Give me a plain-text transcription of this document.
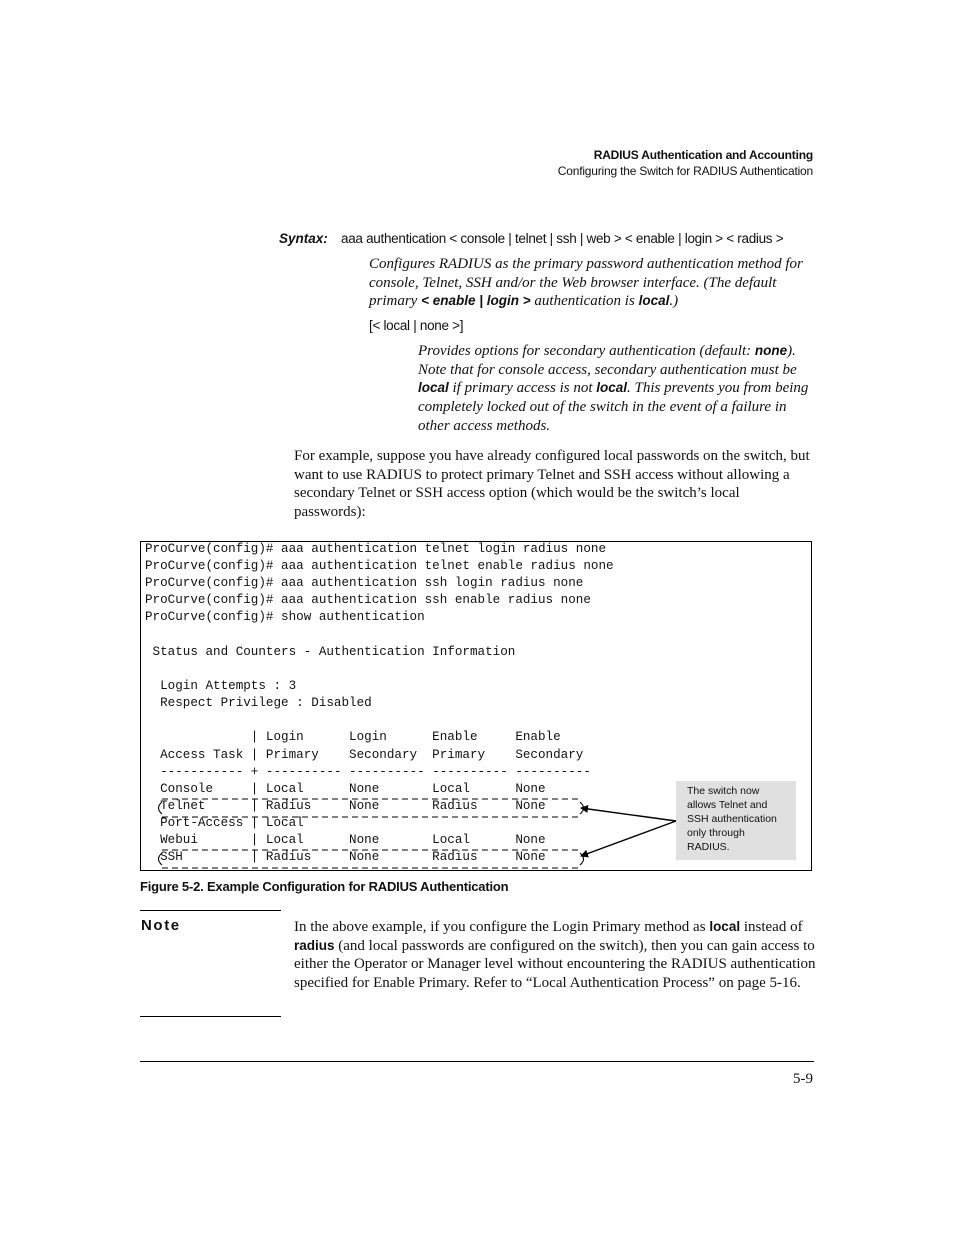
RADIUS Authentication and Accounting
Configuring the Switch for RADIUS Authentication
Syntax: aaa authentication < console | telnet | ssh | web > < enable | login > < radius >
Configures RADIUS as the primary password authentication method for console, Telnet, SSH and/or the Web browser interface. (The default primary < enable | login > authentication is local.)
[< local | none >]
Provides options for secondary authentication (default: none). Note that for console access, secondary authentication must be local if primary access is not local. This prevents you from being completely locked out of the switch in the event of a failure in other access methods.
For example, suppose you have already configured local passwords on the switch, but want to use RADIUS to protect primary Telnet and SSH access without allowing a secondary Telnet or SSH access option (which would be the switch’s local passwords):
ProCurve(config)# aaa authentication telnet login radius none
ProCurve(config)# aaa authentication telnet enable radius none
ProCurve(config)# aaa authentication ssh login radius none
ProCurve(config)# aaa authentication ssh enable radius none
ProCurve(config)# show authentication
Status and Counters - Authentication Information
Login Attempts : 3
Respect Privilege : Disabled
| Login      Login      Enable     Enable
Access Task | Primary    Secondary  Primary    Secondary
----------- + ---------- ---------- ---------- ----------
Console     | Local      None       Local      None
Telnet      | Radius     None       Radius     None
Port-Access | Local
Webui       | Local      None       Local      None
SSH         | Radius     None       Radius     None
The switch now allows Telnet and SSH authentication only through RADIUS.
Figure 5-2. Example Configuration for RADIUS Authentication
Note	In the above example, if you configure the Login Primary method as local instead of radius (and local passwords are configured on the switch), then you can gain access to either the Operator or Manager level without encountering the RADIUS authentication specified for Enable Primary. Refer to “Local Authentication Process” on page 5-16.
5-9
